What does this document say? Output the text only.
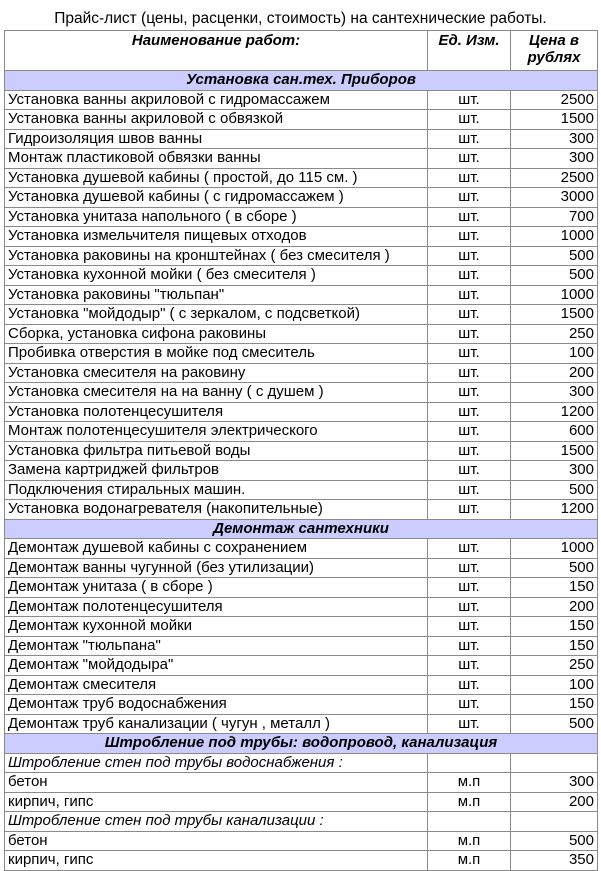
Прайс-лист (цены, расценки, стоимость) на сантехнические работы.
Наименование работ:	Ед. Изм.	Цена в рублях
Установка сан.тех. Приборов		
Установка ванны акриловой с гидромассажем	шт.	2500
Установка ванны акриловой с обвязкой	шт.	1500
Гидроизоляция швов ванны	шт.	300
Монтаж пластиковой обвязки ванны	шт.	300
Установка душевой кабины ( простой, до 115 см. )	шт.	2500
Установка душевой кабины ( с гидромассажем )	шт.	3000
Установка унитаза напольного ( в сборе )	шт.	700
Установка измельчителя пищевых отходов	шт.	1000
Установка раковины на кронштейнах ( без смесителя )	шт.	500
Установка кухонной мойки ( без смесителя )	шт.	500
Установка раковины "тюльпан"	шт.	1000
Установка "мойдодыр" ( с зеркалом, с подсветкой)	шт.	1500
Сборка, установка сифона раковины	шт.	250
Пробивка отверстия в мойке под смеситель	шт.	100
Установка смесителя на раковину	шт.	200
Установка смесителя на на ванну ( с душем )	шт.	300
Установка полотенцесушителя	шт.	1200
Монтаж полотенцесушителя электрического	шт.	600
Установка фильтра питьевой воды	шт.	1500
Замена картриджей фильтров	шт.	300
Подключения стиральных машин.	шт.	500
Установка водонагревателя (накопительные)	шт.	1200
Демонтаж сантехники		
Демонтаж душевой кабины с сохранением	шт.	1000
Демонтаж ванны чугунной (без утилизации)	шт.	500
Демонтаж унитаза ( в сборе )	шт.	150
Демонтаж полотенцесушителя	шт.	200
Демонтаж кухонной мойки	шт.	150
Демонтаж "тюльпана"	шт.	150
Демонтаж "мойдодыра"	шт.	250
Демонтаж смесителя	шт.	100
Демонтаж труб водоснабжения	шт.	150
Демонтаж труб канализации ( чугун , металл )	шт.	500
Штробление под трубы: водопровод, канализация		
Штробление стен под трубы водоснабжения :		
бетон	м.п	300
кирпич, гипс	м.п	200
Штробление стен под трубы канализации :		
бетон	м.п	500
кирпич, гипс	м.п	350
